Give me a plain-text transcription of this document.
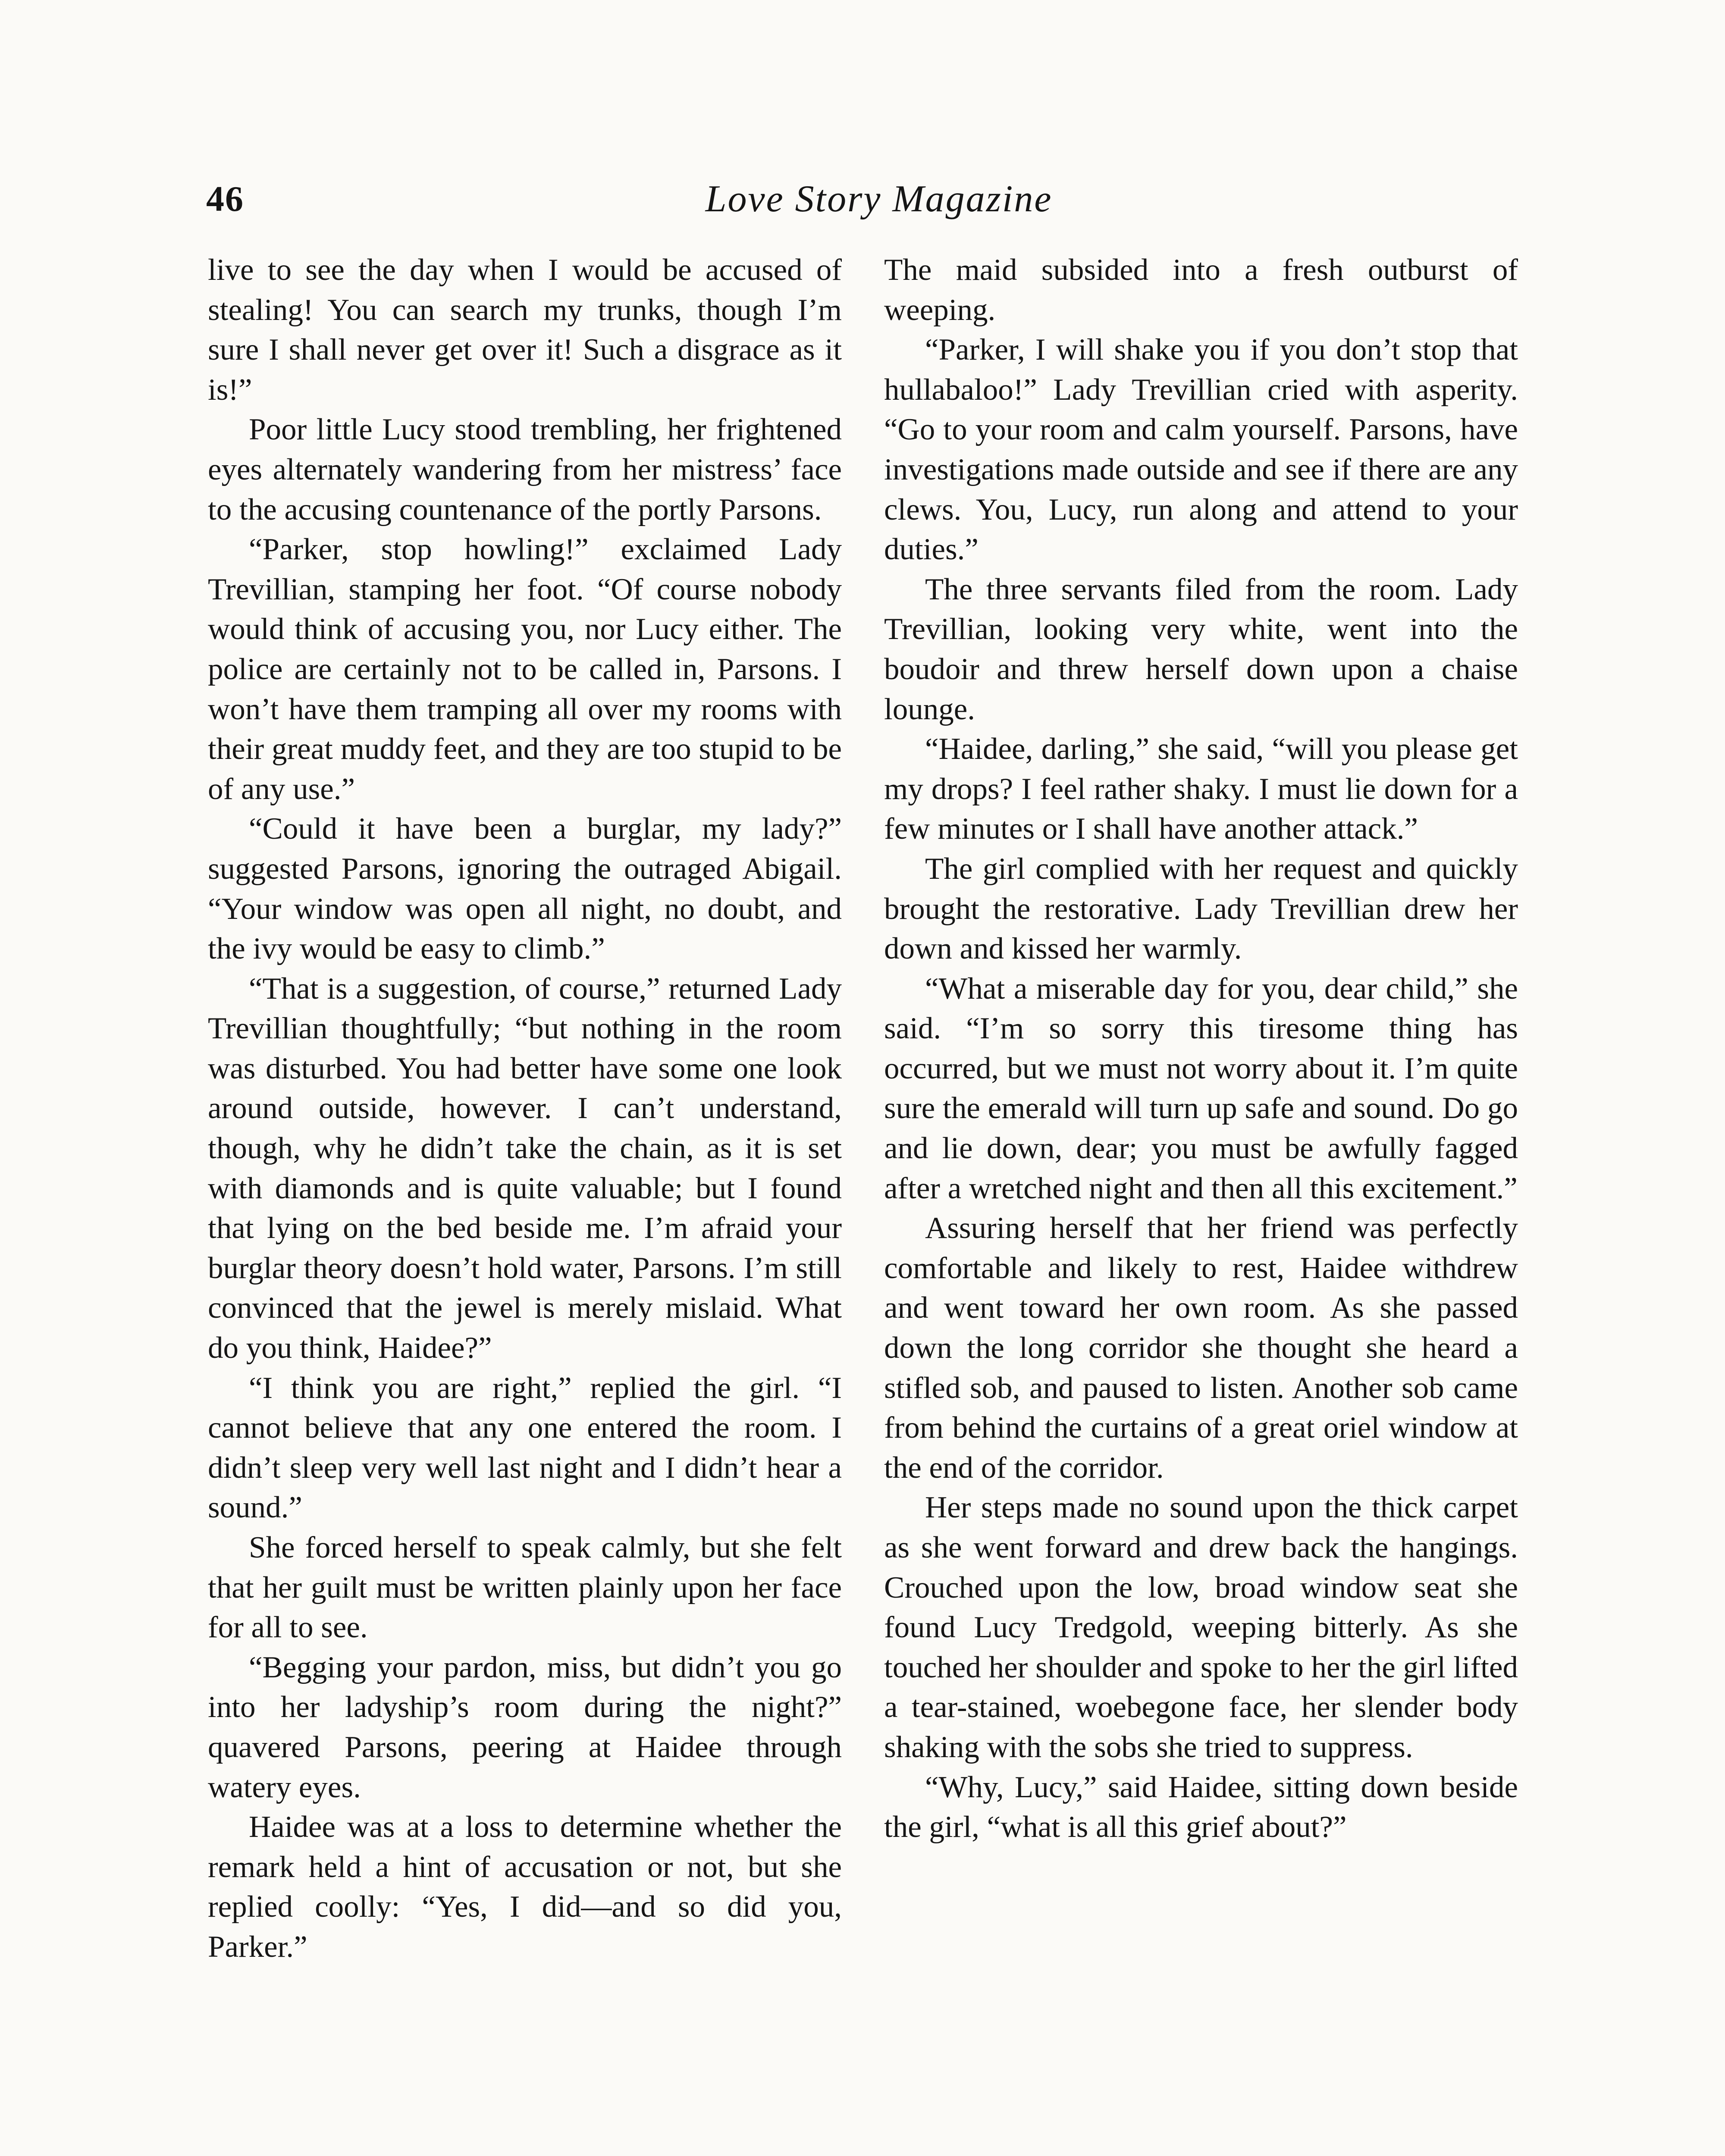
46	Love Story Magazine

live to see the day when I would be accused of stealing! You can search my trunks, though I’m sure I shall never get over it! Such a disgrace as it is!”

Poor little Lucy stood trembling, her frightened eyes alternately wandering from her mistress’ face to the accusing countenance of the portly Parsons.

“Parker, stop howling!” exclaimed Lady Trevillian, stamping her foot. “Of course nobody would think of accusing you, nor Lucy either. The police are certainly not to be called in, Parsons. I won’t have them tramping all over my rooms with their great muddy feet, and they are too stupid to be of any use.”

“Could it have been a burglar, my lady?” suggested Parsons, ignoring the outraged Abigail. “Your window was open all night, no doubt, and the ivy would be easy to climb.”

“That is a suggestion, of course,” returned Lady Trevillian thoughtfully; “but nothing in the room was disturbed. You had better have some one look around outside, however. I can’t understand, though, why he didn’t take the chain, as it is set with diamonds and is quite valuable; but I found that lying on the bed beside me. I’m afraid your burglar theory doesn’t hold water, Parsons. I’m still convinced that the jewel is merely mislaid. What do you think, Haidee?”

“I think you are right,” replied the girl. “I cannot believe that any one entered the room. I didn’t sleep very well last night and I didn’t hear a sound.”

She forced herself to speak calmly, but she felt that her guilt must be written plainly upon her face for all to see.

“Begging your pardon, miss, but didn’t you go into her ladyship’s room during the night?” quavered Parsons, peering at Haidee through watery eyes.

Haidee was at a loss to determine whether the remark held a hint of accusation or not, but she replied coolly: “Yes, I did—and so did you, Parker.”

The maid subsided into a fresh outburst of weeping.

“Parker, I will shake you if you don’t stop that hullabaloo!” Lady Trevillian cried with asperity. “Go to your room and calm yourself. Parsons, have investigations made outside and see if there are any clews. You, Lucy, run along and attend to your duties.”

The three servants filed from the room. Lady Trevillian, looking very white, went into the boudoir and threw herself down upon a chaise lounge.

“Haidee, darling,” she said, “will you please get my drops? I feel rather shaky. I must lie down for a few minutes or I shall have another attack.”

The girl complied with her request and quickly brought the restorative. Lady Trevillian drew her down and kissed her warmly.

“What a miserable day for you, dear child,” she said. “I’m so sorry this tiresome thing has occurred, but we must not worry about it. I’m quite sure the emerald will turn up safe and sound. Do go and lie down, dear; you must be awfully fagged after a wretched night and then all this excitement.”

Assuring herself that her friend was perfectly comfortable and likely to rest, Haidee withdrew and went toward her own room. As she passed down the long corridor she thought she heard a stifled sob, and paused to listen. Another sob came from behind the curtains of a great oriel window at the end of the corridor.

Her steps made no sound upon the thick carpet as she went forward and drew back the hangings. Crouched upon the low, broad window seat she found Lucy Tredgold, weeping bitterly. As she touched her shoulder and spoke to her the girl lifted a tear-stained, woebegone face, her slender body shaking with the sobs she tried to suppress.

“Why, Lucy,” said Haidee, sitting down beside the girl, “what is all this grief about?”
